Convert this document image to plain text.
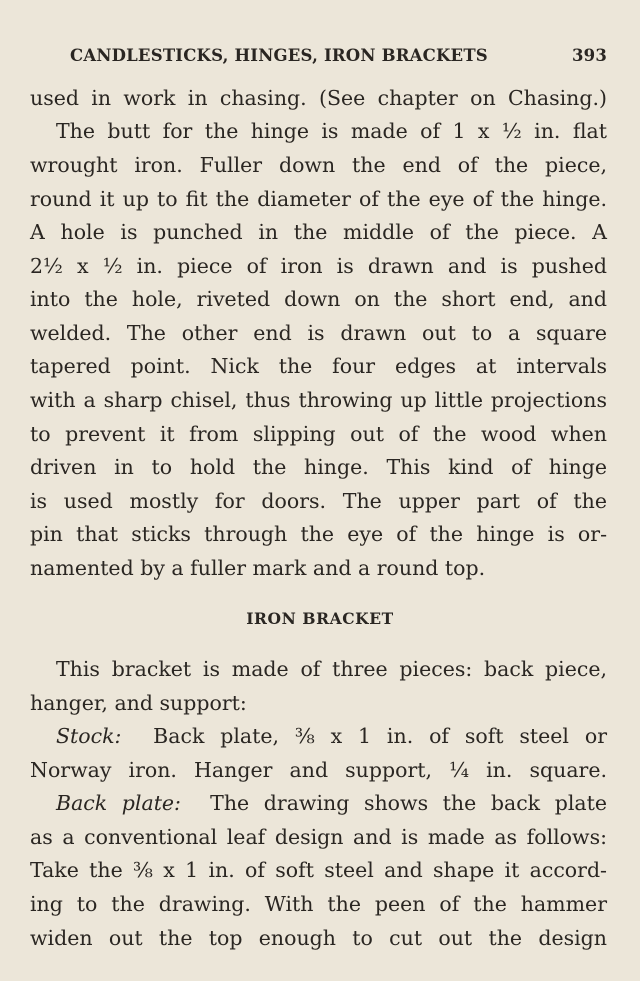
CANDLESTICKS, HINGES, IRON BRACKETS	393
used in work in chasing. (See chapter on Chasing.)
The butt for the hinge is made of 1 x ½ in. flat
wrought iron. Fuller down the end of the piece,
round it up to fit the diameter of the eye of the hinge.
A hole is punched in the middle of the piece. A
2½ x ½ in. piece of iron is drawn and is pushed
into the hole, riveted down on the short end, and
welded. The other end is drawn out to a square
tapered point. Nick the four edges at intervals
with a sharp chisel, thus throwing up little projections
to prevent it from slipping out of the wood when
driven in to hold the hinge. This kind of hinge
is used mostly for doors. The upper part of the
pin that sticks through the eye of the hinge is or-
namented by a fuller mark and a round top.
IRON BRACKET
This bracket is made of three pieces: back piece,
hanger, and support:
Stock: Back plate, ⅜ x 1 in. of soft steel or
Norway iron. Hanger and support, ¼ in. square.
Back plate: The drawing shows the back plate
as a conventional leaf design and is made as follows:
Take the ⅜ x 1 in. of soft steel and shape it accord-
ing to the drawing. With the peen of the hammer
widen out the top enough to cut out the design
